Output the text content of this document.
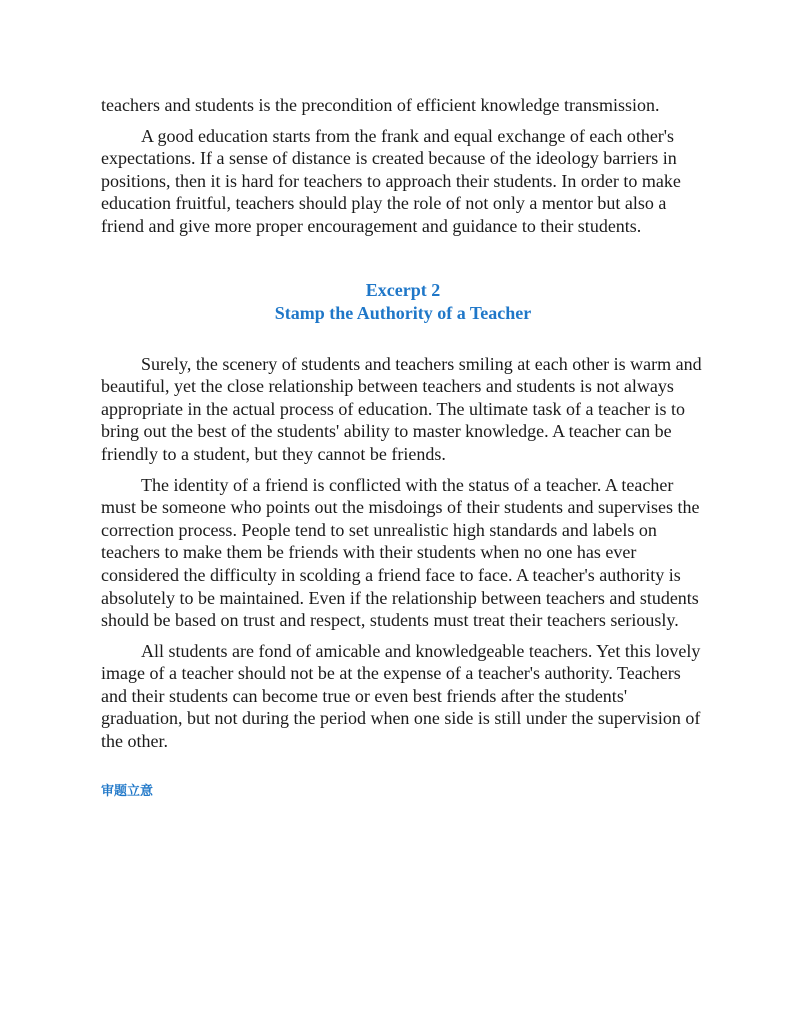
teachers and students is the precondition of efficient knowledge transmission.

A good education starts from the frank and equal exchange of each other's expectations. If a sense of distance is created because of the ideology barriers in positions, then it is hard for teachers to approach their students. In order to make education fruitful, teachers should play the role of not only a mentor but also a friend and give more proper encouragement and guidance to their students.

Excerpt 2
Stamp the Authority of a Teacher

Surely, the scenery of students and teachers smiling at each other is warm and beautiful, yet the close relationship between teachers and students is not always appropriate in the actual process of education. The ultimate task of a teacher is to bring out the best of the students' ability to master knowledge. A teacher can be friendly to a student, but they cannot be friends.

The identity of a friend is conflicted with the status of a teacher. A teacher must be someone who points out the misdoings of their students and supervises the correction process. People tend to set unrealistic high standards and labels on teachers to make them be friends with their students when no one has ever considered the difficulty in scolding a friend face to face. A teacher's authority is absolutely to be maintained. Even if the relationship between teachers and students should be based on trust and respect, students must treat their teachers seriously.

All students are fond of amicable and knowledgeable teachers. Yet this lovely image of a teacher should not be at the expense of a teacher's authority. Teachers and their students can become true or even best friends after the students' graduation, but not during the period when one side is still under the supervision of the other.

审题立意
